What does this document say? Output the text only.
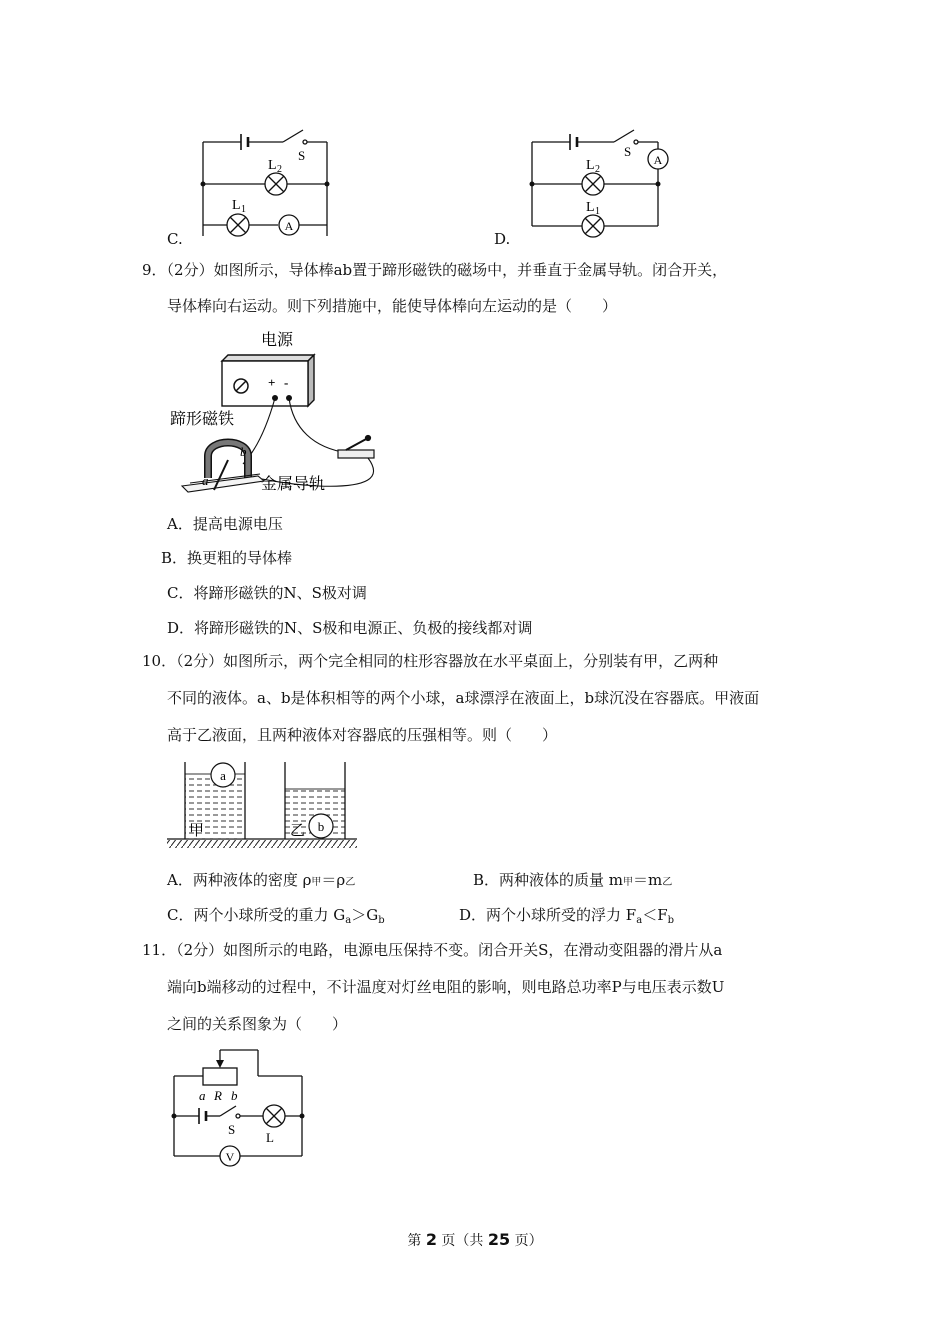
C.
S
L 2
L 1
A
D.
S
A
L 2
L 1
9．（2分）如图所示，导体棒ab置于蹄形磁铁的磁场中，并垂直于金属导轨。闭合开关，
导体棒向右运动。则下列措施中，能使导体棒向左运动的是（　　）
电源
+ -
蹄形磁铁
b
a	金属导轨
A．提高电源电压
B．换更粗的导体棒
C．将蹄形磁铁的N、S极对调
D．将蹄形磁铁的N、S极和电源正、负极的接线都对调
10．（2分）如图所示，两个完全相同的柱形容器放在水平桌面上，分别装有甲，乙两种
不同的液体。a、b是体积相等的两个小球，a球漂浮在液面上，b球沉没在容器底。甲液面
高于乙液面，且两种液体对容器底的压强相等。则（　　）
a
甲	b
乙
A．两种液体的密度 ρ甲＝ρ乙	B．两种液体的质量 m甲＝m乙
C．两个小球所受的重力 $G_a>G_b$	D．两个小球所受的浮力 $F_a<F_b$
11．（2分）如图所示的电路，电源电压保持不变。闭合开关S，在滑动变阻器的滑片从a
端向b端移动的过程中，不计温度对灯丝电阻的影响，则电路总功率P与电压表示数U
之间的关系图象为（　　）
a R b
S
L
V
第 2 页（共 25 页）
